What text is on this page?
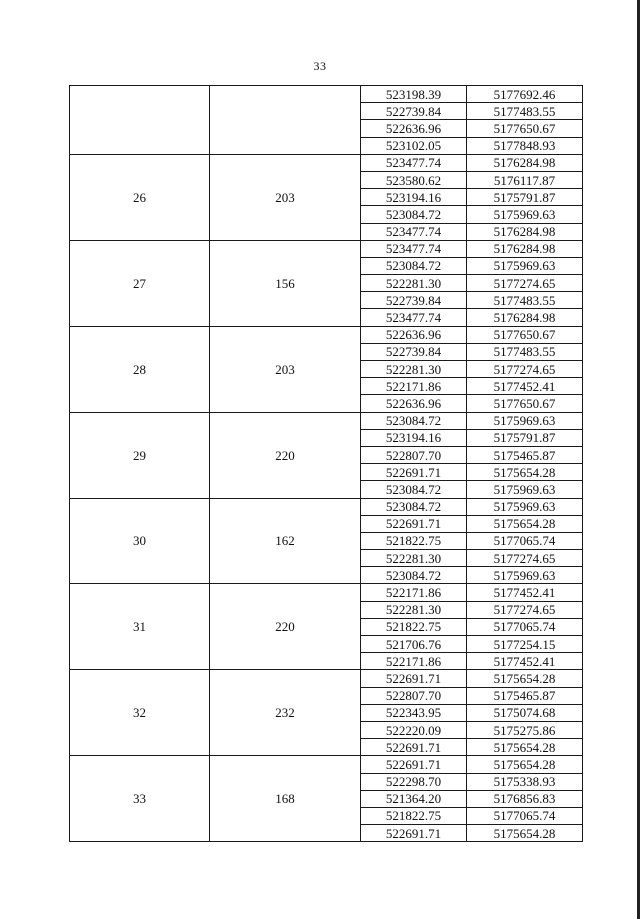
33
		523198.39	5177692.46
		522739.84	5177483.55
		522636.96	5177650.67
		523102.05	5177848.93
26	203	523477.74	5176284.98
		523580.62	5176117.87
		523194.16	5175791.87
		523084.72	5175969.63
		523477.74	5176284.98
27	156	523477.74	5176284.98
		523084.72	5175969.63
		522281.30	5177274.65
		522739.84	5177483.55
		523477.74	5176284.98
28	203	522636.96	5177650.67
		522739.84	5177483.55
		522281.30	5177274.65
		522171.86	5177452.41
		522636.96	5177650.67
29	220	523084.72	5175969.63
		523194.16	5175791.87
		522807.70	5175465.87
		522691.71	5175654.28
		523084.72	5175969.63
30	162	523084.72	5175969.63
		522691.71	5175654.28
		521822.75	5177065.74
		522281.30	5177274.65
		523084.72	5175969.63
31	220	522171.86	5177452.41
		522281.30	5177274.65
		521822.75	5177065.74
		521706.76	5177254.15
		522171.86	5177452.41
32	232	522691.71	5175654.28
		522807.70	5175465.87
		522343.95	5175074.68
		522220.09	5175275.86
		522691.71	5175654.28
33	168	522691.71	5175654.28
		522298.70	5175338.93
		521364.20	5176856.83
		521822.75	5177065.74
		522691.71	5175654.28
